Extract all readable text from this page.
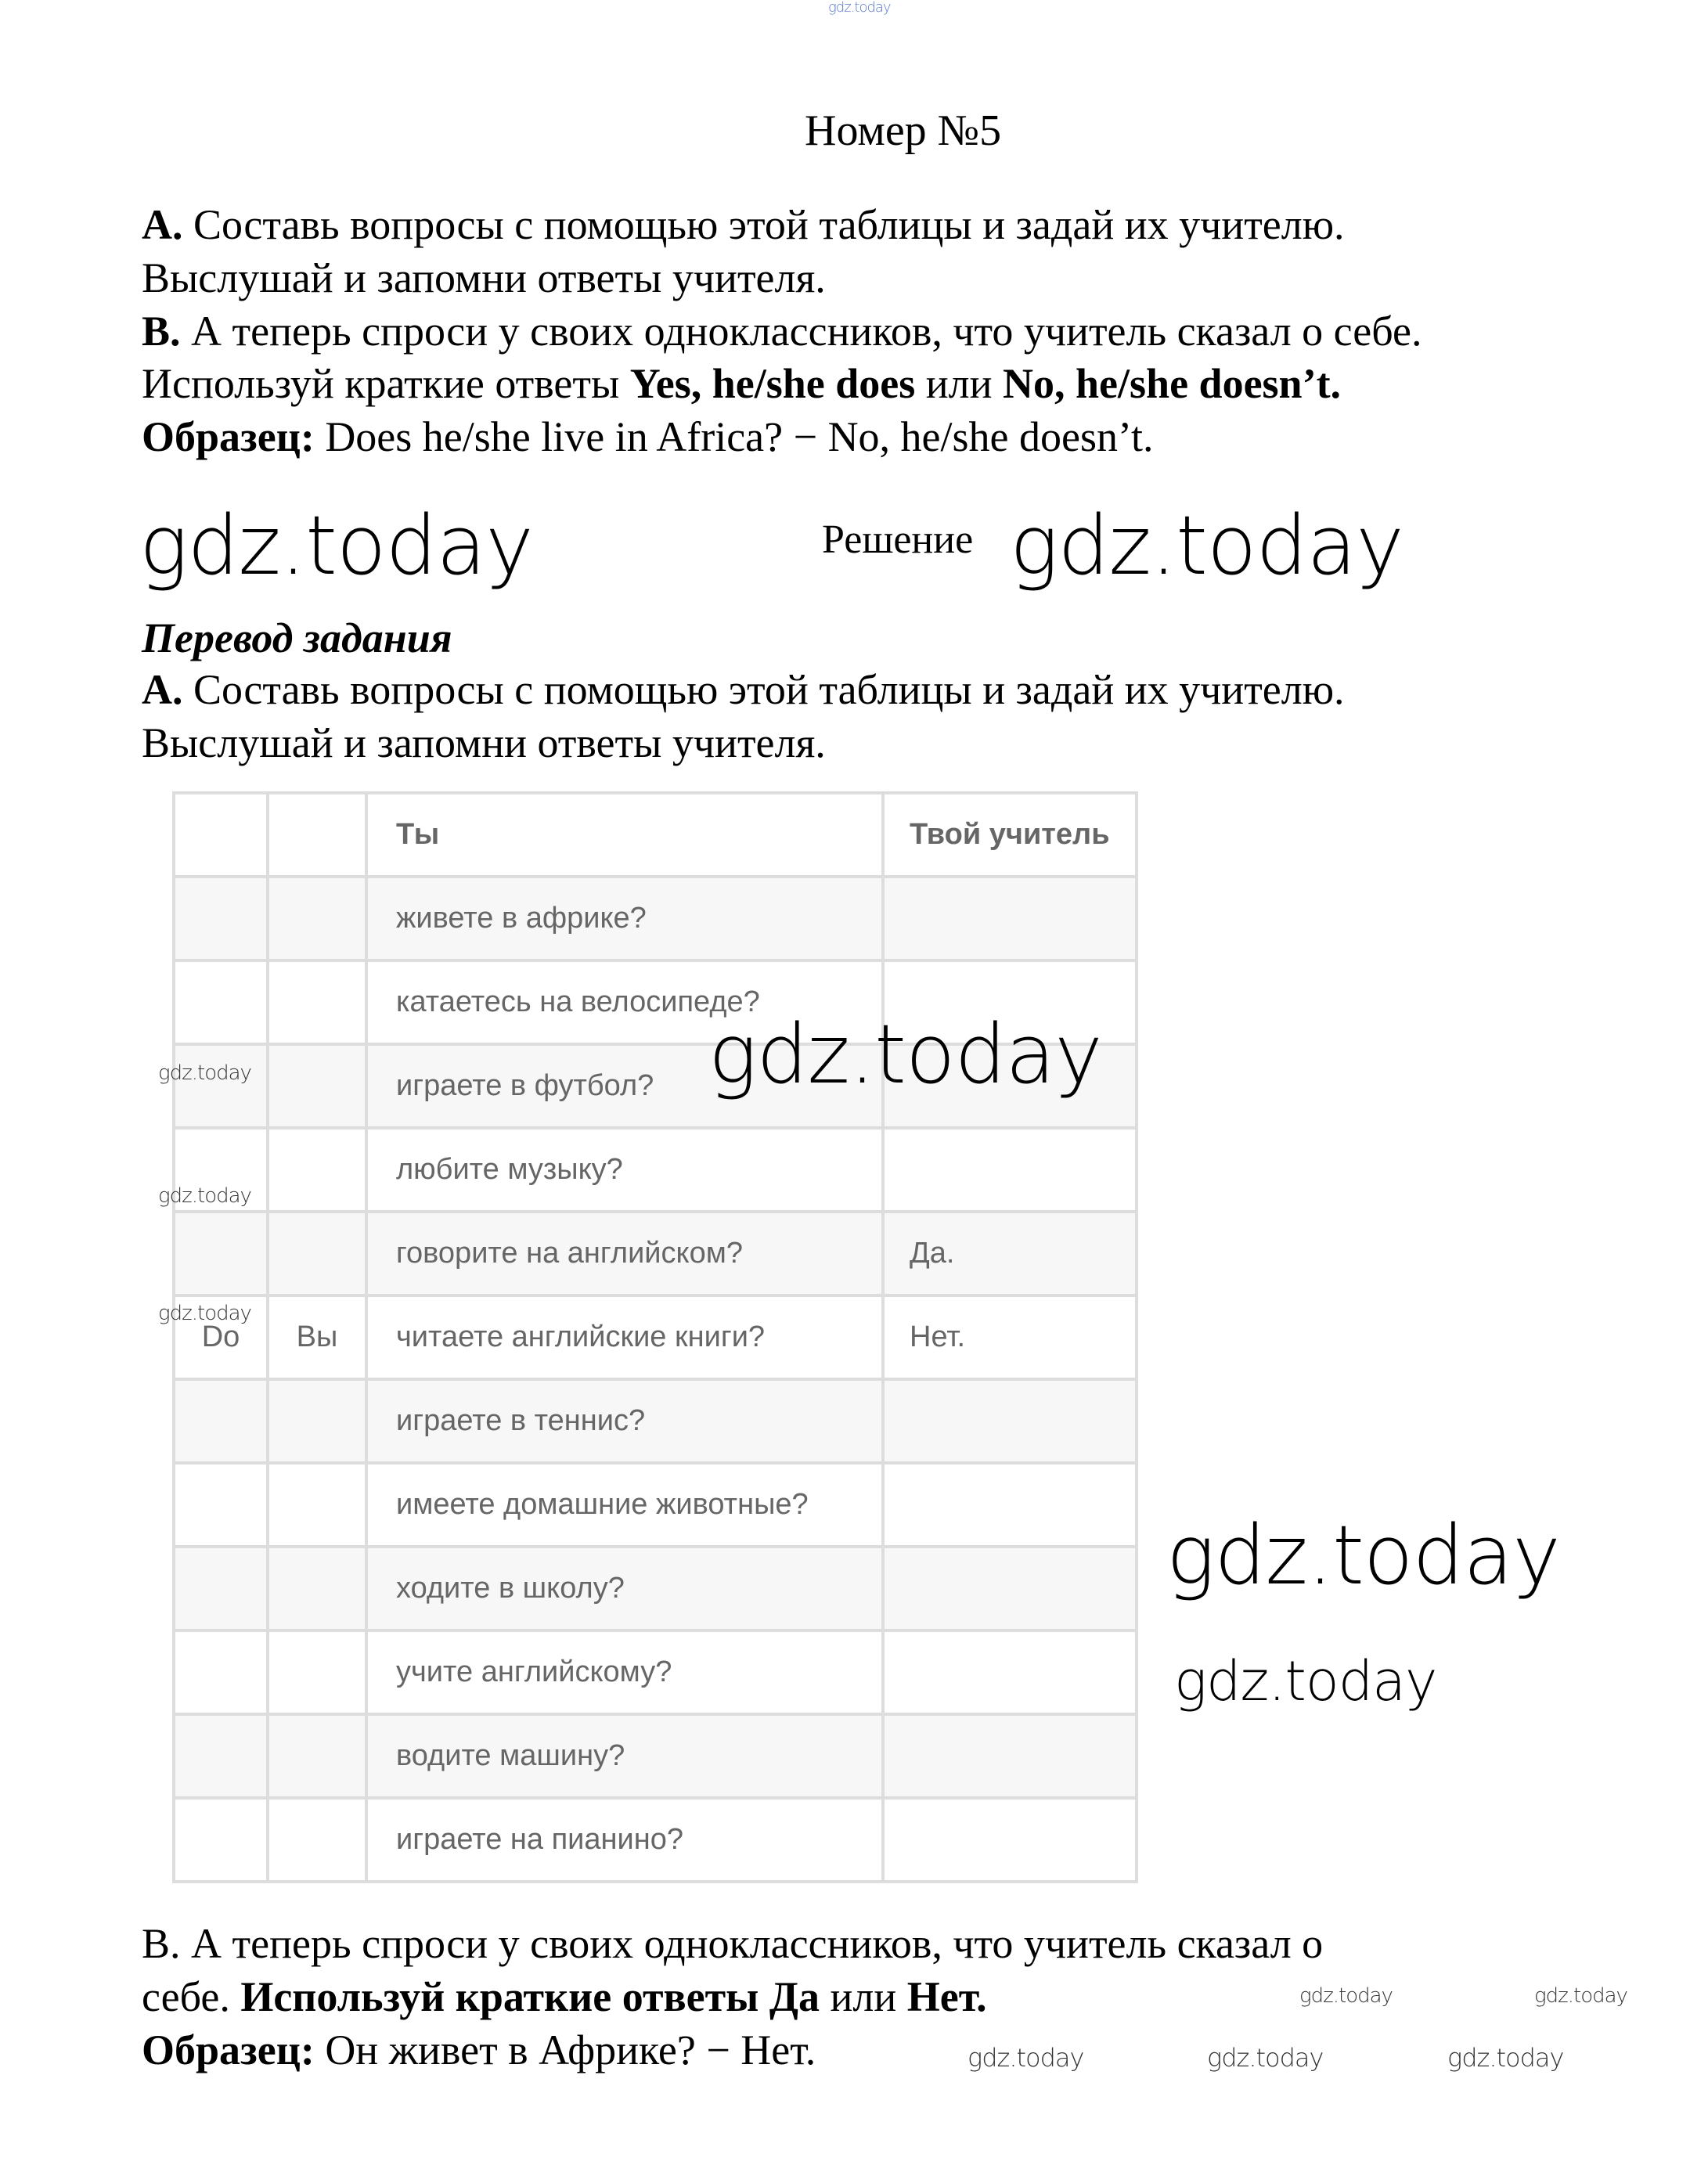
gdz.today
Номер №5
A. Составь вопросы с помощью этой таблицы и задай их учителю.
Выслушай и запомни ответы учителя.
B. А теперь спроси у своих одноклассников, что учитель сказал о себе.
Используй краткие ответы Yes, he/she does или No, he/she doesn’t.
Образец: Does he/she live in Africa? − No, he/she doesn’t.
gdz.today	Решение gdz.today
Перевод задания
A. Составь вопросы с помощью этой таблицы и задай их учителю.
Выслушай и запомни ответы учителя.
		Ты	Твой учитель
		живете в африке?	
		катаетесь на велосипеде?	
		играете в футбол?	
		любите музыку?	
		говорите на английском?	Да.
Do	Вы	читаете английские книги?	Нет.
		играете в теннис?	
		имеете домашние животные?	
		ходите в школу?	
		учите английскому?	
		водите машину?	
		играете на пианино?	
gdz.today
gdz.today
gdz.today
gdz.today
gdz.today
gdz.today
B. А теперь спроси у своих одноклассников, что учитель сказал о
себе. Используй краткие ответы Да или Нет.
Образец: Он живет в Африке? − Нет.
gdz.today
gdz.today
gdz.today	gdz.today	gdz.today
